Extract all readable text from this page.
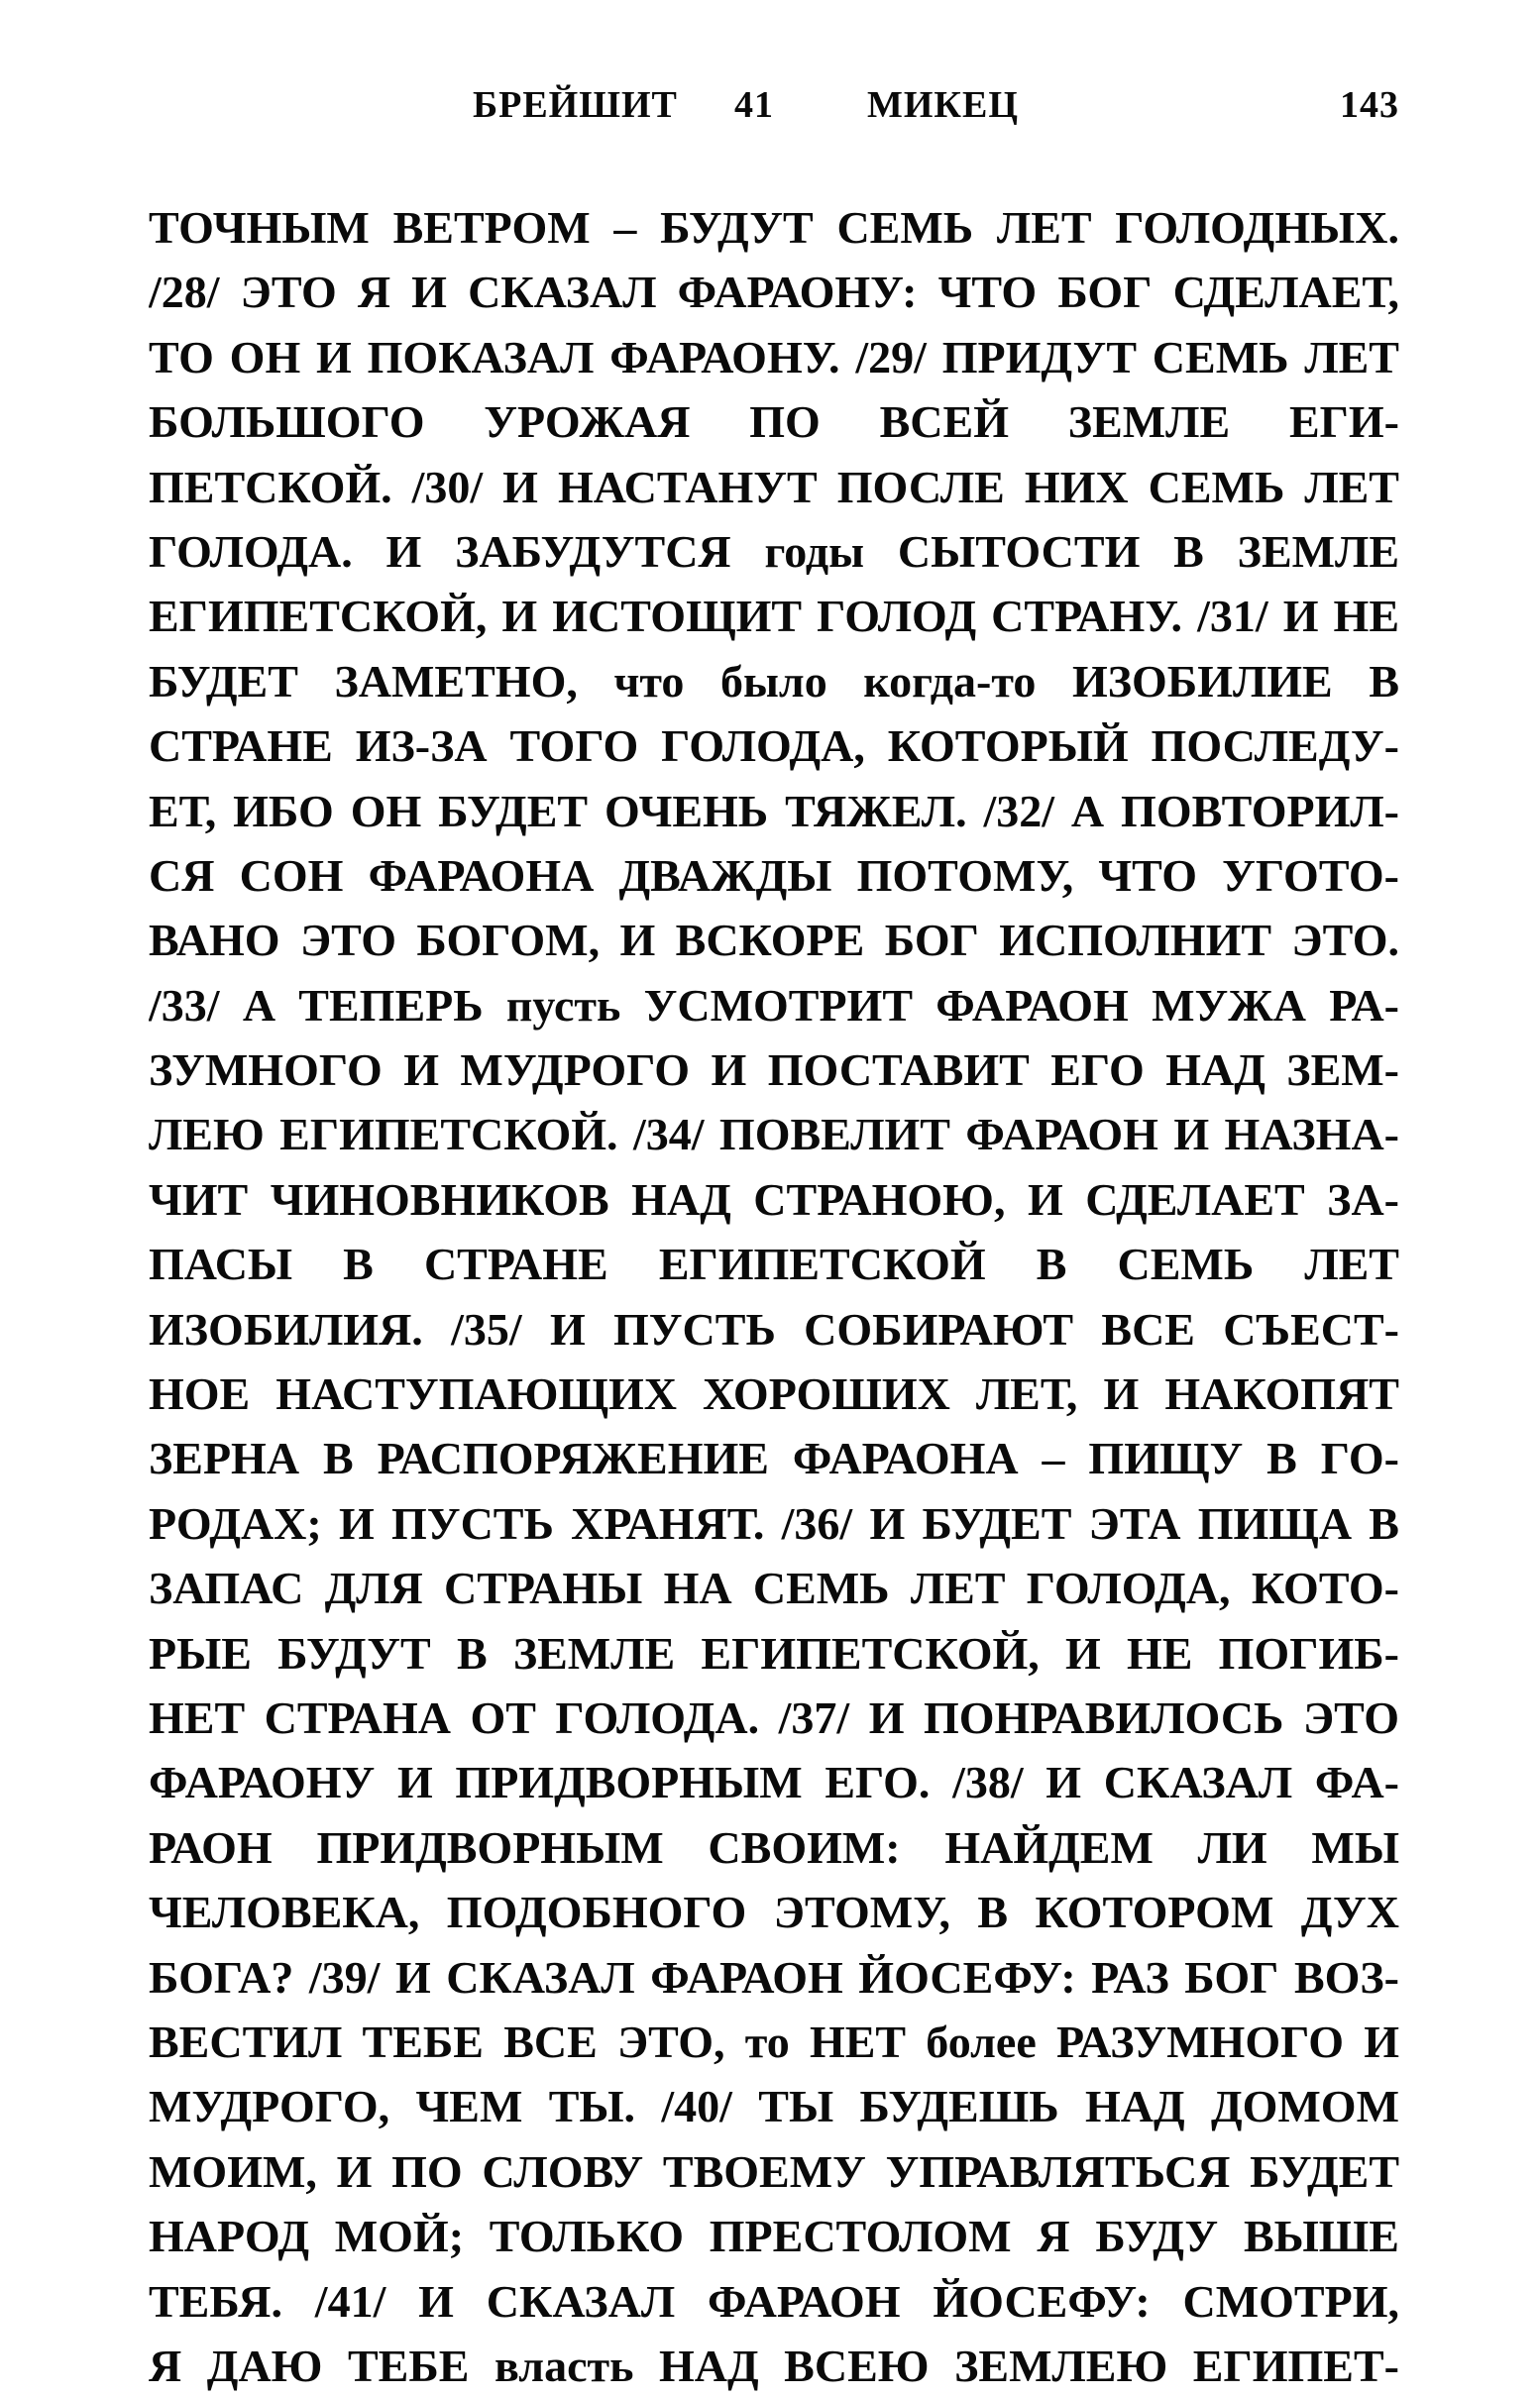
БРЕЙШИТ 41 МИКЕЦ	143
ТОЧНЫМ ВЕТРОМ – БУДУТ СЕМЬ ЛЕТ ГОЛОДНЫХ.
/28/ ЭТО Я И СКАЗАЛ ФАРАОНУ: ЧТО БОГ СДЕЛАЕТ,
ТО ОН И ПОКАЗАЛ ФАРАОНУ. /29/ ПРИДУТ СЕМЬ ЛЕТ
БОЛЬШОГО УРОЖАЯ ПО ВСЕЙ ЗЕМЛЕ ЕГИ-
ПЕТСКОЙ. /30/ И НАСТАНУТ ПОСЛЕ НИХ СЕМЬ ЛЕТ
ГОЛОДА. И ЗАБУДУТСЯ годы СЫТОСТИ В ЗЕМЛЕ
ЕГИПЕТСКОЙ, И ИСТОЩИТ ГОЛОД СТРАНУ. /31/ И НЕ
БУДЕТ ЗАМЕТНО, что было когда-то ИЗОБИЛИЕ В
СТРАНЕ ИЗ-ЗА ТОГО ГОЛОДА, КОТОРЫЙ ПОСЛЕДУ-
ЕТ, ИБО ОН БУДЕТ ОЧЕНЬ ТЯЖЕЛ. /32/ А ПОВТОРИЛ-
СЯ СОН ФАРАОНА ДВАЖДЫ ПОТОМУ, ЧТО УГОТО-
ВАНО ЭТО БОГОМ, И ВСКОРЕ БОГ ИСПОЛНИТ ЭТО.
/33/ А ТЕПЕРЬ пусть УСМОТРИТ ФАРАОН МУЖА РА-
ЗУМНОГО И МУДРОГО И ПОСТАВИТ ЕГО НАД ЗЕМ-
ЛЕЮ ЕГИПЕТСКОЙ. /34/ ПОВЕЛИТ ФАРАОН И НАЗНА-
ЧИТ ЧИНОВНИКОВ НАД СТРАНОЮ, И СДЕЛАЕТ ЗА-
ПАСЫ В СТРАНЕ ЕГИПЕТСКОЙ В СЕМЬ ЛЕТ
ИЗОБИЛИЯ. /35/ И ПУСТЬ СОБИРАЮТ ВСЕ СЪЕСТ-
НОЕ НАСТУПАЮЩИХ ХОРОШИХ ЛЕТ, И НАКОПЯТ
ЗЕРНА В РАСПОРЯЖЕНИЕ ФАРАОНА – ПИЩУ В ГО-
РОДАХ; И ПУСТЬ ХРАНЯТ. /36/ И БУДЕТ ЭТА ПИЩА В
ЗАПАС ДЛЯ СТРАНЫ НА СЕМЬ ЛЕТ ГОЛОДА, КОТО-
РЫЕ БУДУТ В ЗЕМЛЕ ЕГИПЕТСКОЙ, И НЕ ПОГИБ-
НЕТ СТРАНА ОТ ГОЛОДА. /37/ И ПОНРАВИЛОСЬ ЭТО
ФАРАОНУ И ПРИДВОРНЫМ ЕГО. /38/ И СКАЗАЛ ФА-
РАОН ПРИДВОРНЫМ СВОИМ: НАЙДЕМ ЛИ МЫ
ЧЕЛОВЕКА, ПОДОБНОГО ЭТОМУ, В КОТОРОМ ДУХ
БОГА? /39/ И СКАЗАЛ ФАРАОН ЙОСЕФУ: РАЗ БОГ ВОЗ-
ВЕСТИЛ ТЕБЕ ВСЕ ЭТО, то НЕТ более РАЗУМНОГО И
МУДРОГО, ЧЕМ ТЫ. /40/ ТЫ БУДЕШЬ НАД ДОМОМ
МОИМ, И ПО СЛОВУ ТВОЕМУ УПРАВЛЯТЬСЯ БУДЕТ
НАРОД МОЙ; ТОЛЬКО ПРЕСТОЛОМ Я БУДУ ВЫШЕ
ТЕБЯ. /41/ И СКАЗАЛ ФАРАОН ЙОСЕФУ: СМОТРИ,
Я ДАЮ ТЕБЕ власть НАД ВСЕЮ ЗЕМЛЕЮ ЕГИПЕТ-
